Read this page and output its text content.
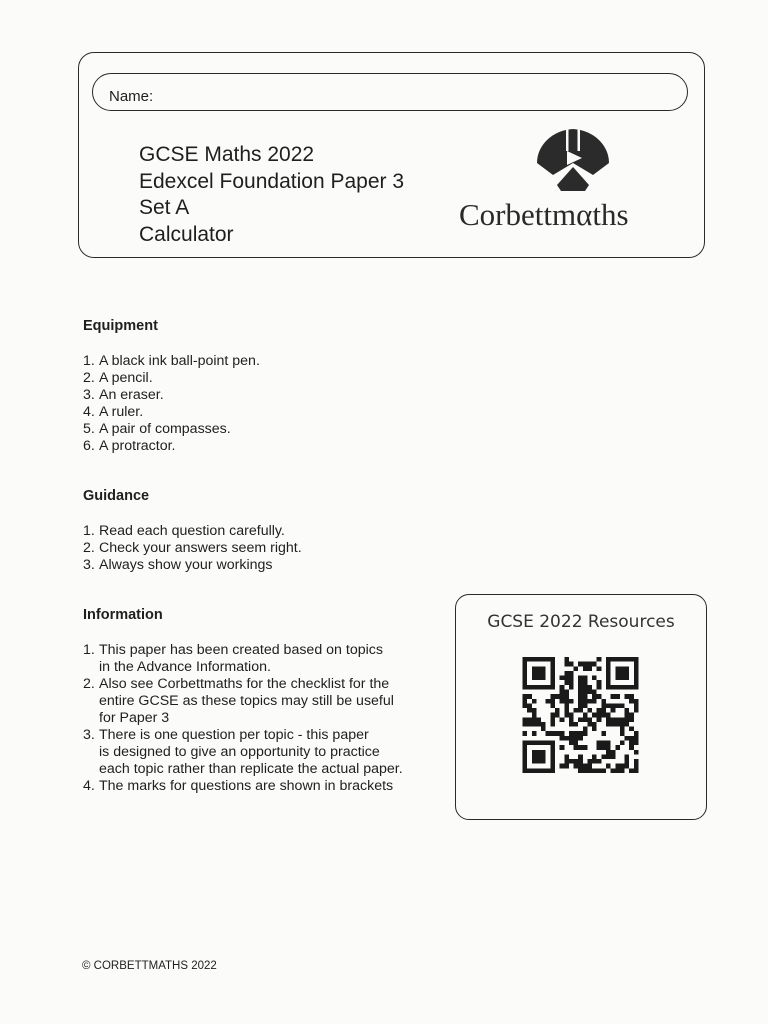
Name:
GCSE Maths 2022
Edexcel Foundation Paper 3
Set A
Calculator
Corbettmαths
Equipment
1. A black ink ball-point pen.
2. A pencil.
3. An eraser.
4. A ruler.
5. A pair of compasses.
6. A protractor.
Guidance
1. Read each question carefully.
2. Check your answers seem right.
3. Always show your workings
Information
1. This paper has been created based on topics
in the Advance Information.
2. Also see Corbettmaths for the checklist for the
entire GCSE as these topics may still be useful
for Paper 3
3. There is one question per topic - this paper
is designed to give an opportunity to practice
each topic rather than replicate the actual paper.
4. The marks for questions are shown in brackets
GCSE 2022 Resources
© CORBETTMATHS 2022
